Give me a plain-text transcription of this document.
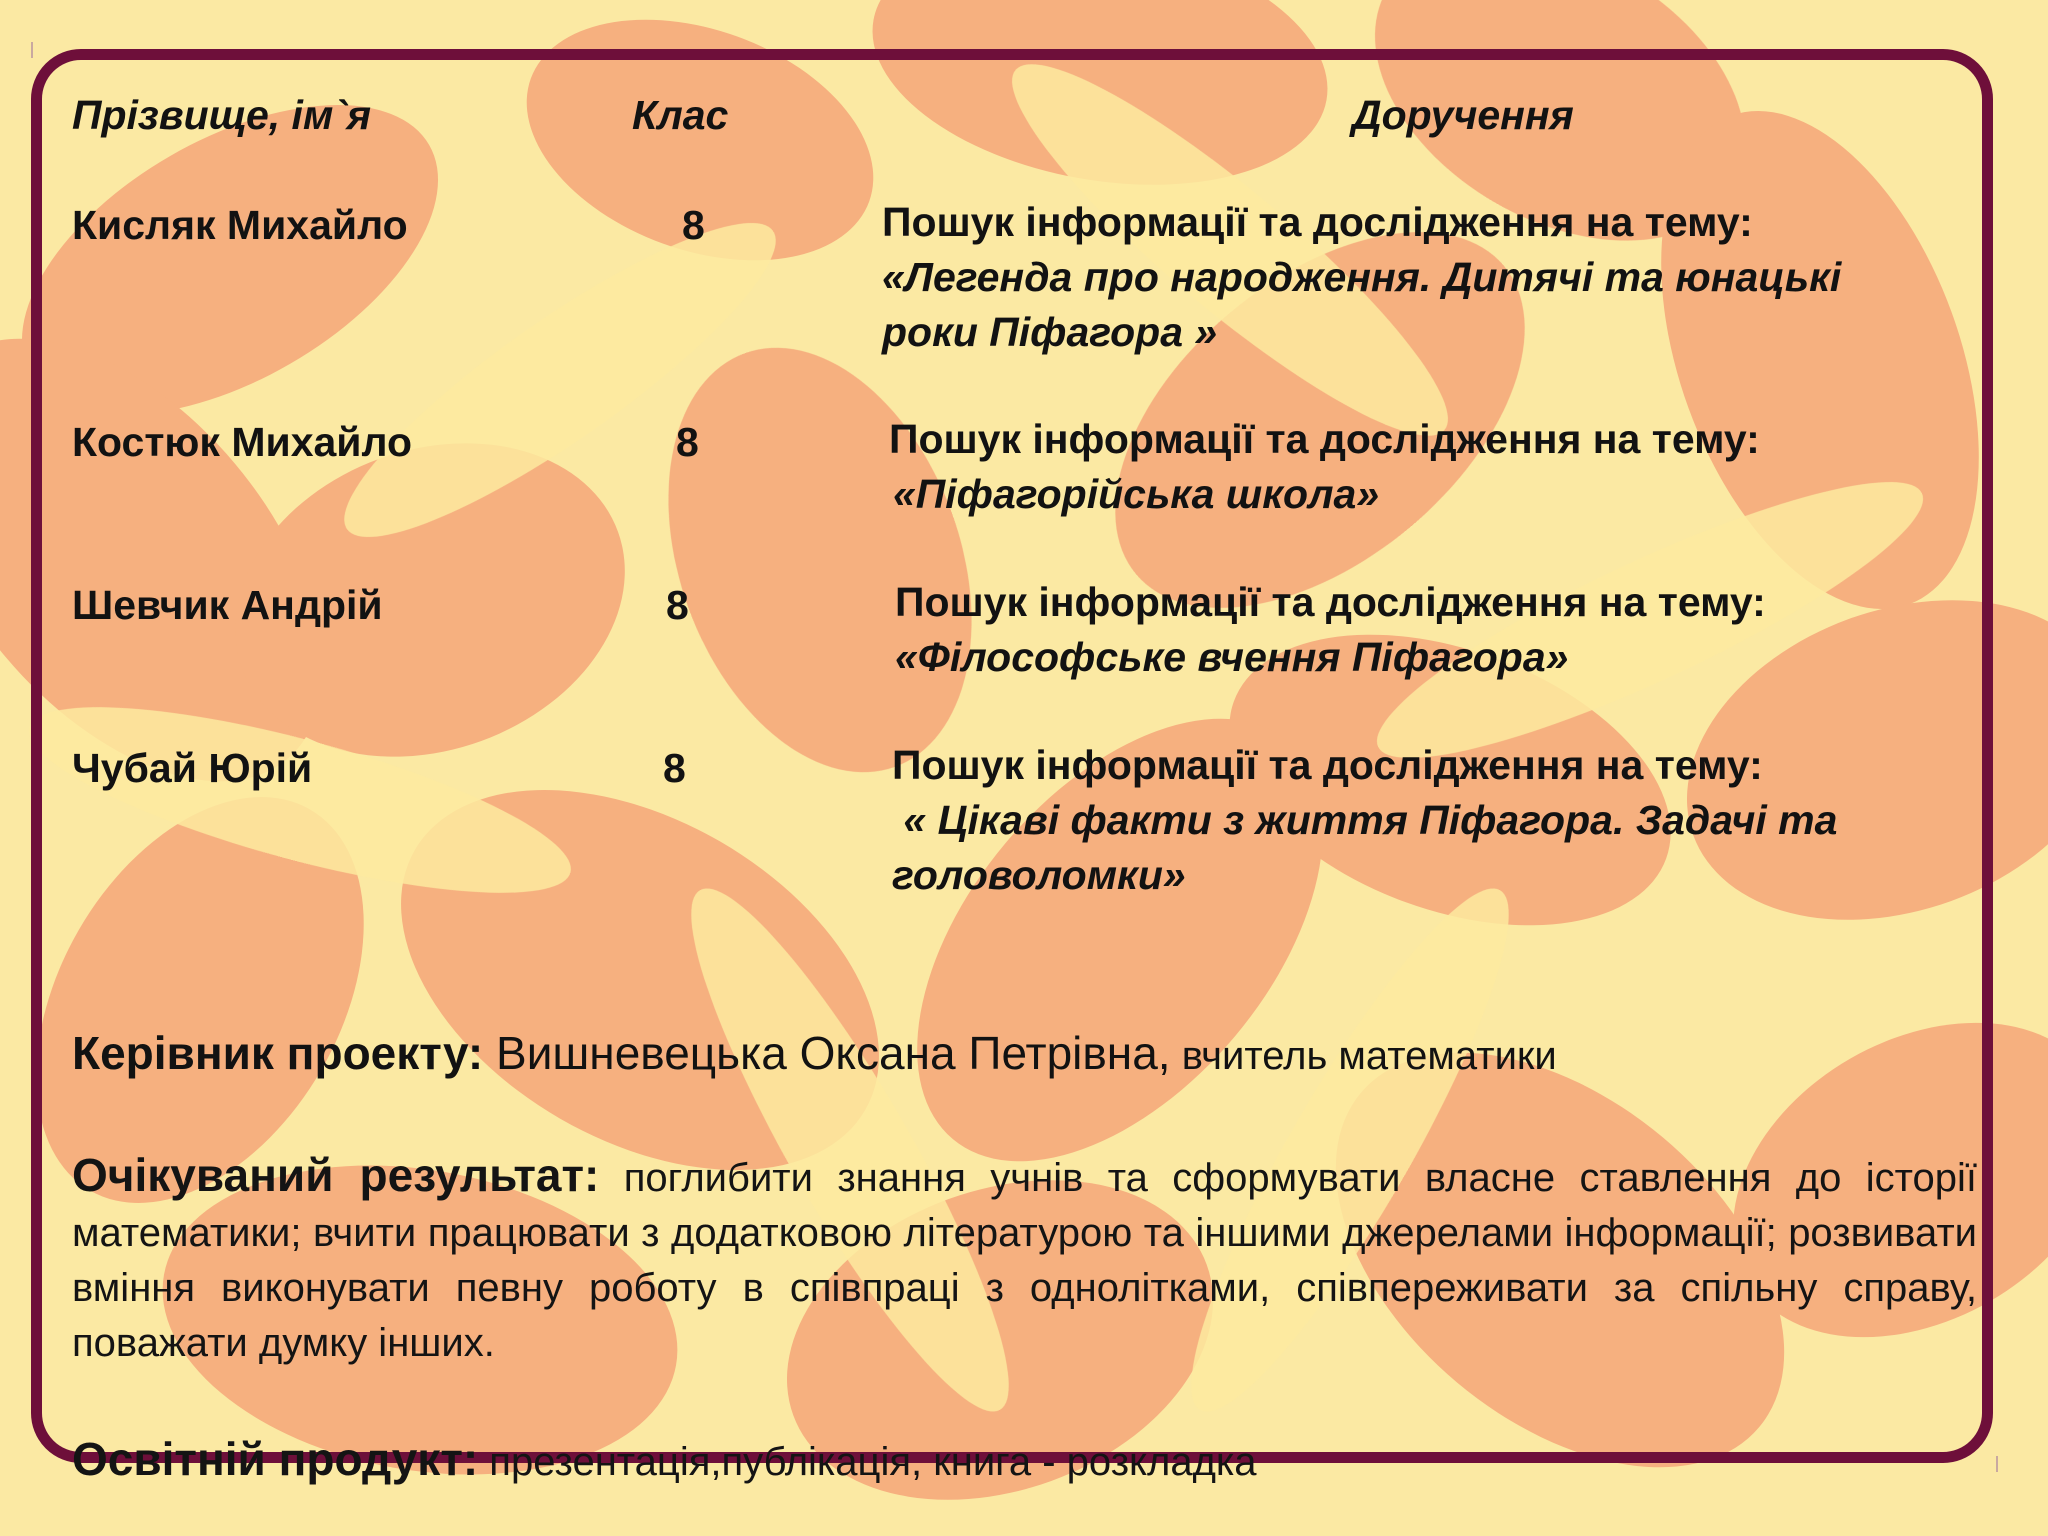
Прізвище, ім`я	Клас	Доручення
Кисляк Михайло	8	Пошук інформації та дослідження на тему:
«Легенда про народження. Дитячі та юнацькі
роки Піфагора »
Костюк Михайло	8	Пошук інформації та дослідження на тему:
«Піфагорійська школа»
Шевчик Андрій	8	Пошук інформації та дослідження на тему:
«Філософське вчення Піфагора»
Чубай Юрій	8	Пошук інформації та дослідження на тему:
« Цікаві факти з життя Піфагора. Задачі та
головоломки»
Керівник проекту: Вишневецька Оксана Петрівна, вчитель математики
Очікуваний результат: поглибити знання учнів та сформувати власне ставлення до історії математики; вчити працювати з додатковою літературою та іншими джерелами інформації; розвивати вміння виконувати певну роботу в співпраці з однолітками, співпереживати за спільну справу, поважати думку інших.
Освітній продукт: презентація,публікація, книга - розкладка
